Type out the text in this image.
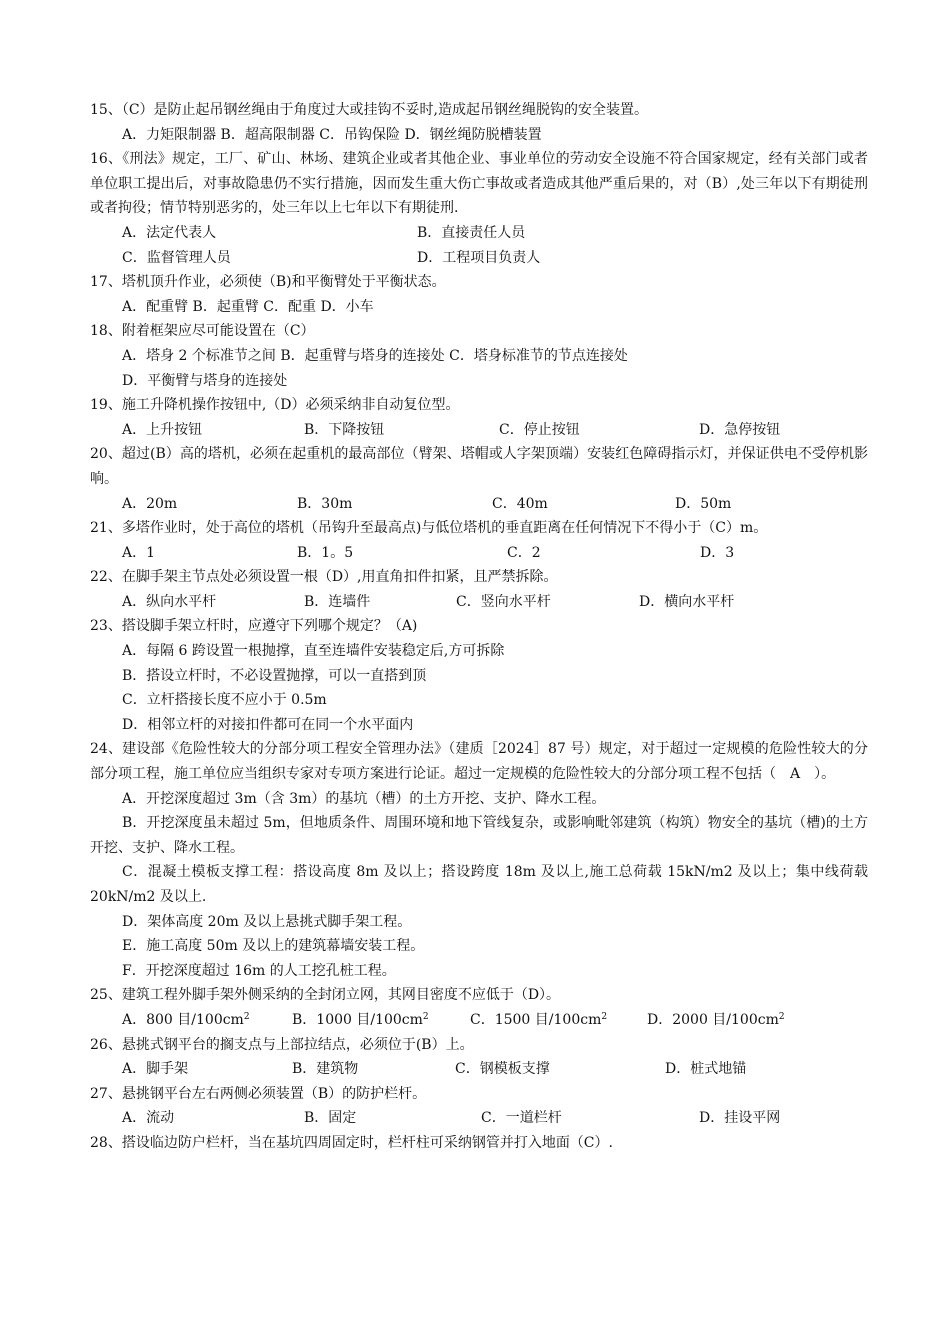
15、（C）是防止起吊钢丝绳由于角度过大或挂钩不妥时,造成起吊钢丝绳脱钩的安全装置。
A．力矩限制器 B．超高限制器 C．吊钩保险 D．钢丝绳防脱槽装置
16、《刑法》规定，工厂、矿山、林场、建筑企业或者其他企业、事业单位的劳动安全设施不符合国家规定，经有关部门或者单位职工提出后，对事故隐患仍不实行措施，因而发生重大伤亡事故或者造成其他严重后果的，对（B）,处三年以下有期徒刑或者拘役；情节特别恶劣的，处三年以上七年以下有期徒刑.
A．法定代表人	B．直接责任人员
C．监督管理人员	D．工程项目负责人
17、塔机顶升作业，必须使（B)和平衡臂处于平衡状态。
A．配重臂 B．起重臂 C．配重 D．小车
18、附着框架应尽可能设置在（C）
A．塔身 2 个标准节之间 B．起重臂与塔身的连接处 C．塔身标准节的节点连接处
D．平衡臂与塔身的连接处
19、施工升降机操作按钮中,（D）必须采纳非自动复位型。
A．上升按钮	B．下降按钮	C．停止按钮	D．急停按钮
20、超过(B）高的塔机，必须在起重机的最高部位（臂架、塔帽或人字架顶端）安装红色障碍指示灯，并保证供电不受停机影响。
A．20m	B．30m	C．40m	D．50m
21、多塔作业时，处于高位的塔机（吊钩升至最高点)与低位塔机的垂直距离在任何情况下不得小于（C）m。
A．1	B．1。5	C．2	D．3
22、在脚手架主节点处必须设置一根（D）,用直角扣件扣紧，且严禁拆除。
A．纵向水平杆	B．连墙件	C．竖向水平杆	D．横向水平杆
23、搭设脚手架立杆时，应遵守下列哪个规定？（A)
A．每隔 6 跨设置一根抛撑，直至连墙件安装稳定后,方可拆除
B．搭设立杆时，不必设置抛撑，可以一直搭到顶
C．立杆搭接长度不应小于 0.5m
D．相邻立杆的对接扣件都可在同一个水平面内
24、建设部《危险性较大的分部分项工程安全管理办法》（建质［2024］87 号）规定，对于超过一定规模的危险性较大的分部分项工程，施工单位应当组织专家对专项方案进行论证。超过一定规模的危险性较大的分部分项工程不包括（　A　）。
A．开挖深度超过 3m（含 3m）的基坑（槽）的土方开挖、支护、降水工程。
B．开挖深度虽未超过 5m，但地质条件、周围环境和地下管线复杂，或影响毗邻建筑（构筑）物安全的基坑（槽)的土方开挖、支护、降水工程。
C．混凝土模板支撑工程：搭设高度 8m 及以上；搭设跨度 18m 及以上,施工总荷载 15kN/m2 及以上；集中线荷载 20kN/m2 及以上.
D．架体高度 20m 及以上悬挑式脚手架工程。
E．施工高度 50m 及以上的建筑幕墙安装工程。
F．开挖深度超过 16m 的人工挖孔桩工程。
25、建筑工程外脚手架外侧采纳的全封闭立网，其网目密度不应低于（D）。
A．800 目$/100cm^2$	B．1000 目$/100cm^2$	C．1500 目$/100cm^2$	D．2000 目$/100cm^2$
26、悬挑式钢平台的搁支点与上部拉结点，必须位于(B）上。
A．脚手架	B．建筑物	C．钢模板支撑	D．桩式地锚
27、悬挑钢平台左右两侧必须装置（B）的防护栏杆。
A．流动	B．固定	C．一道栏杆	D．挂设平网
28、搭设临边防户栏杆，当在基坑四周固定时，栏杆柱可采纳钢管并打入地面（C）.
